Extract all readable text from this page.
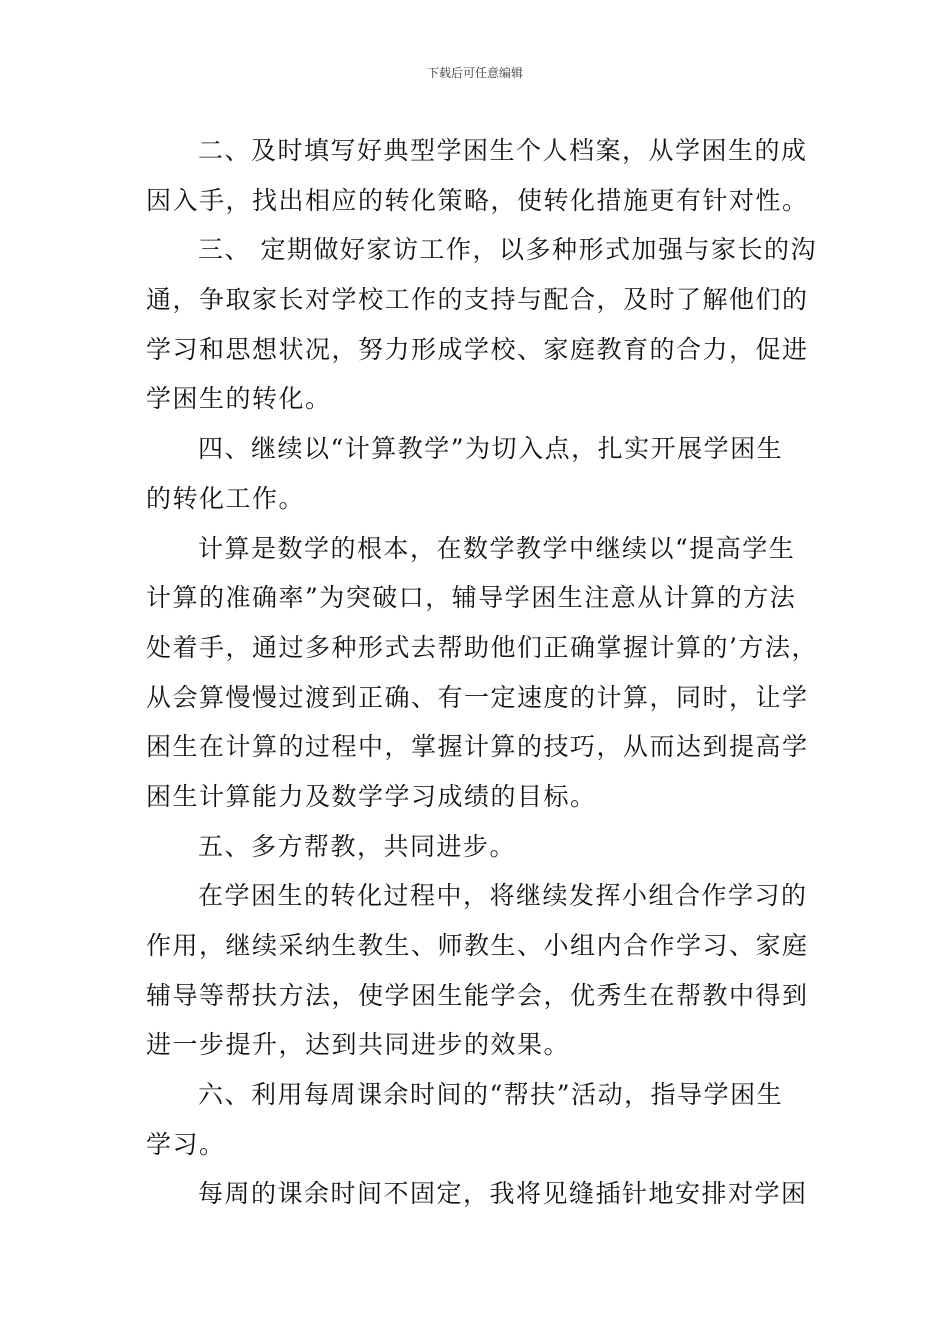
下载后可任意编辑
二、及时填写好典型学困生个人档案，从学困生的成
因入手，找出相应的转化策略，使转化措施更有针对性。
三、 定期做好家访工作，以多种形式加强与家长的沟
通，争取家长对学校工作的支持与配合，及时了解他们的
学习和思想状况，努力形成学校、家庭教育的合力，促进
学困生的转化。
四、继续以“计算教学”为切入点，扎实开展学困生
的转化工作。
计算是数学的根本，在数学教学中继续以“提高学生
计算的准确率”为突破口，辅导学困生注意从计算的方法
处着手，通过多种形式去帮助他们正确掌握计算的’方法，
从会算慢慢过渡到正确、有一定速度的计算，同时，让学
困生在计算的过程中，掌握计算的技巧，从而达到提高学
困生计算能力及数学学习成绩的目标。
五、多方帮教，共同进步。
在学困生的转化过程中，将继续发挥小组合作学习的
作用，继续采纳生教生、师教生、小组内合作学习、家庭
辅导等帮扶方法，使学困生能学会，优秀生在帮教中得到
进一步提升，达到共同进步的效果。
六、利用每周课余时间的“帮扶”活动，指导学困生
学习。
每周的课余时间不固定，我将见缝插针地安排对学困
